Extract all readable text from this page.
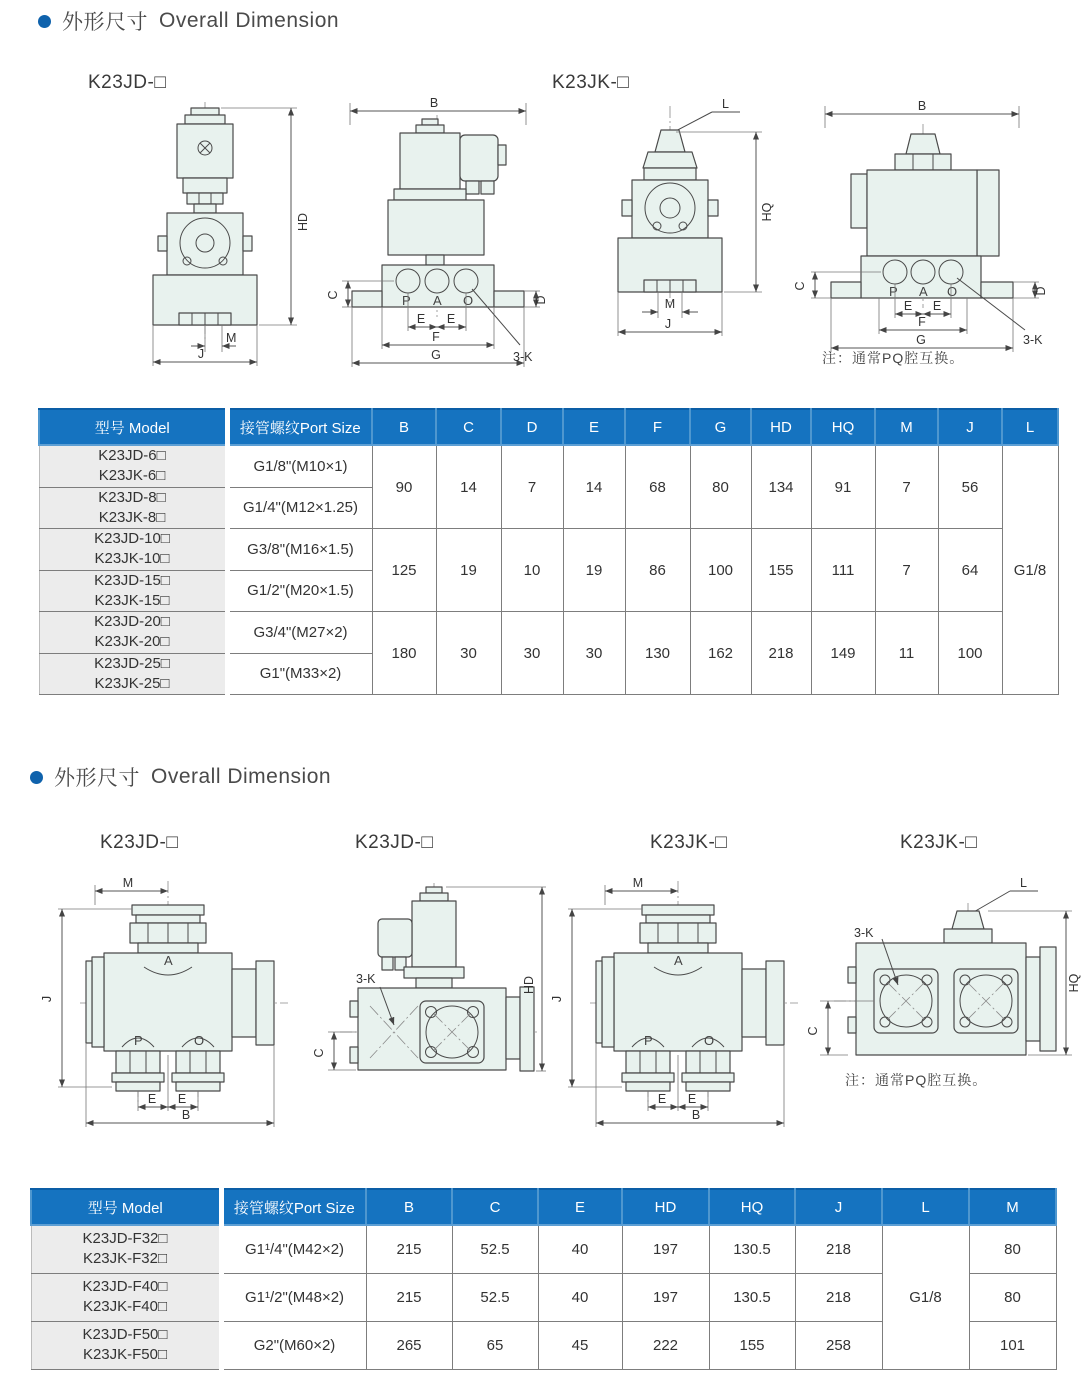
外形尺寸 Overall Dimension
K23JD-□	K23JK-□
HD
M
J
B
P A O
C
D
E E
F
G	3-K
L
HQ
M
J
B
P A O
C
D
E E
F
G	3-K
注：通常PQ腔互换。
型号 Model	接管螺纹Port Size	B	C	D	E	F	G	HD	HQ	M	J	L

K23JD-6□
K23JK-6□	G1/8"(M10×1)	90	14	7	14	68	80	134	91	7	56	G1/8

K23JD-8□
K23JK-8□	G1/4"(M12×1.25)											

K23JD-10□
K23JK-10□	G3/8"(M16×1.5)	125	19	10	19	86	100	155	111	7	64	

K23JD-15□
K23JK-15□	G1/2"(M20×1.5)											

K23JD-20□
K23JK-20□	G3/4"(M27×2)	180	30	30	30	130	162	218	149	11	100	

K23JD-25□
K23JK-25□	G1"(M33×2)											
外形尺寸 Overall Dimension
K23JD-□	K23JD-□	K23JK-□	K23JK-□
A
P	O
M
J
E E
B
3-K
C
HD
A
P	O
M
J
E E
B
L
3-K
C
HQ
注：通常PQ腔互换。
型号 Model	接管螺纹Port Size	B	C	E	HD	HQ	J	L	M

K23JD-F32□
K23JK-F32□	G1¹/4"(M42×2)	215	52.5	40	197	130.5	218	G1/8	80

K23JD-F40□
K23JK-F40□	G1¹/2"(M48×2)	215	52.5	40	197	130.5	218		80

K23JD-F50□
K23JK-F50□	G2"(M60×2)	265	65	45	222	155	258		101
